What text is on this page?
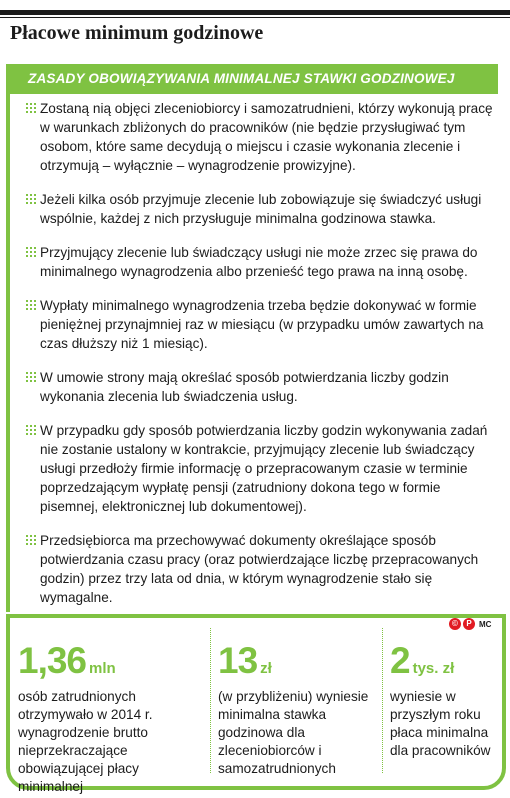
Płacowe minimum godzinowe
ZASADY OBOWIĄZYWANIA MINIMALNEJ STAWKI GODZINOWEJ
Zostaną nią objęci zleceniobiorcy i samozatrudnieni, którzy wykonują pracę w warunkach zbliżonych do pracowników (nie będzie przysługiwać tym osobom, które same decydują o miejscu i czasie wykonania zlecenie i otrzymują – wyłącznie – wynagrodzenie prowizyjne).
Jeżeli kilka osób przyjmuje zlecenie lub zobowiązuje się świadczyć usługi wspólnie, każdej z nich przysługuje minimalna godzinowa stawka.
Przyjmujący zlecenie lub świadczący usługi nie może zrzec się prawa do minimalnego wynagrodzenia albo przenieść tego prawa na inną osobę.
Wypłaty minimalnego wynagrodzenia trzeba będzie dokonywać w formie pieniężnej przynajmniej raz w miesiącu (w przypadku umów zawartych na czas dłuższy niż 1 miesiąc).
W umowie strony mają określać sposób potwierdzania liczby godzin wykonania zlecenia lub świadczenia usług.
W przypadku gdy sposób potwierdzania liczby godzin wykonywania zadań nie zostanie ustalony w kontrakcie, przyjmujący zlecenie lub świadczący usługi przedłoży firmie informację o przepracowanym czasie w terminie poprzedzającym wypłatę pensji (zatrudniony dokona tego w formie pisemnej, elektronicznej lub dokumentowej).
Przedsiębiorca ma przechowywać dokumenty określające sposób potwierdzania czasu pracy (oraz potwierdzające liczbę przepracowanych godzin) przez trzy lata od dnia, w którym wynagrodzenie stało się wymagalne.
©	P MC
1,36 mln
osób zatrudnionych otrzymywało w 2014 r. wynagrodzenie brutto nieprzekraczające obowiązującej płacy minimalnej
13 zł
(w przybliżeniu) wyniesie minimalna stawka godzinowa dla zleceniobiorców i samozatrudnionych
2 tys. zł
wyniesie w przyszłym roku płaca minimalna dla pracowników
